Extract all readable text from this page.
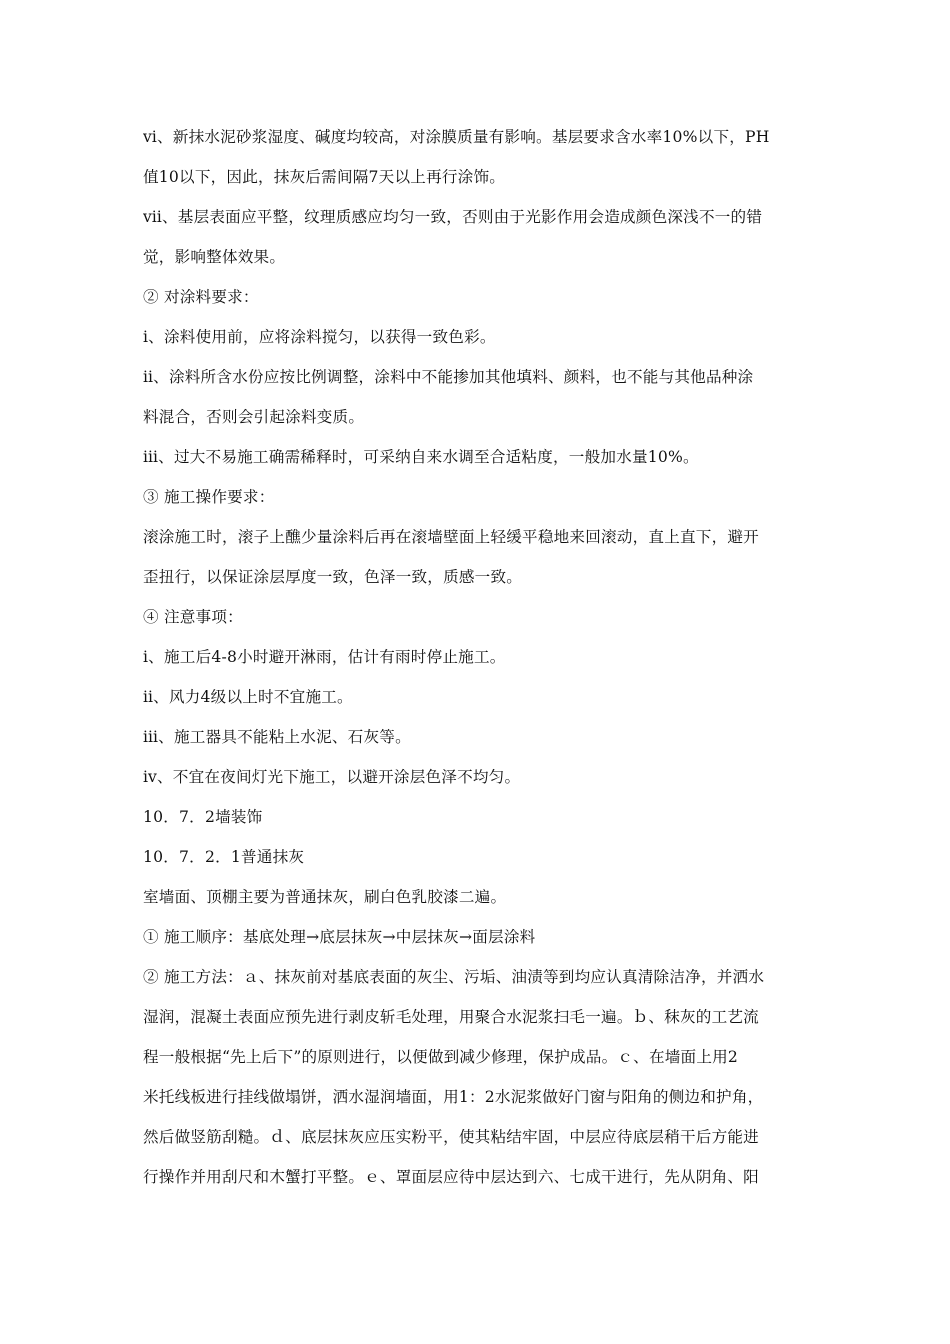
ⅵ、新抹水泥砂浆湿度、碱度均较高，对涂膜质量有影响。基层要求含水率10%以下，PH
值10以下，因此，抹灰后需间隔7天以上再行涂饰。
ⅶ、基层表面应平整，纹理质感应均匀一致，否则由于光影作用会造成颜色深浅不一的错
觉，影响整体效果。
② 对涂料要求：
ⅰ、涂料使用前，应将涂料搅匀，以获得一致色彩。
ⅱ、涂料所含水份应按比例调整，涂料中不能掺加其他填料、颜料，也不能与其他品种涂
料混合，否则会引起涂料变质。
ⅲ、过大不易施工确需稀释时，可采纳自来水调至合适粘度，一般加水量10%。
③ 施工操作要求：
滚涂施工时，滚子上醮少量涂料后再在滚墙壁面上轻缓平稳地来回滚动，直上直下，避开
歪扭行，以保证涂层厚度一致，色泽一致，质感一致。
④ 注意事项：
ⅰ、施工后4-8小时避开淋雨，估计有雨时停止施工。
ⅱ、风力4级以上时不宜施工。
ⅲ、施工器具不能粘上水泥、石灰等。
ⅳ、不宜在夜间灯光下施工，以避开涂层色泽不均匀。
10．7．2墙装饰
10．7．2．1普通抹灰
室墙面、顶棚主要为普通抹灰，刷白色乳胶漆二遍。
① 施工顺序：基底处理→底层抹灰→中层抹灰→面层涂料
② 施工方法：ａ、抹灰前对基底表面的灰尘、污垢、油渍等到均应认真清除洁净，并洒水
湿润，混凝土表面应预先进行剥皮斩毛处理，用聚合水泥浆扫毛一遍。ｂ、秣灰的工艺流
程一般根据“先上后下”的原则进行，以便做到减少修理，保护成品。ｃ、在墙面上用2
米托线板进行挂线做塌饼，洒水湿润墙面，用1：2水泥浆做好门窗与阳角的侧边和护角，
然后做竖筋刮糙。ｄ、底层抹灰应压实粉平，使其粘结牢固，中层应待底层稍干后方能进
行操作并用刮尺和木蟹打平整。ｅ、罩面层应待中层达到六、七成干进行，先从阴角、阳
